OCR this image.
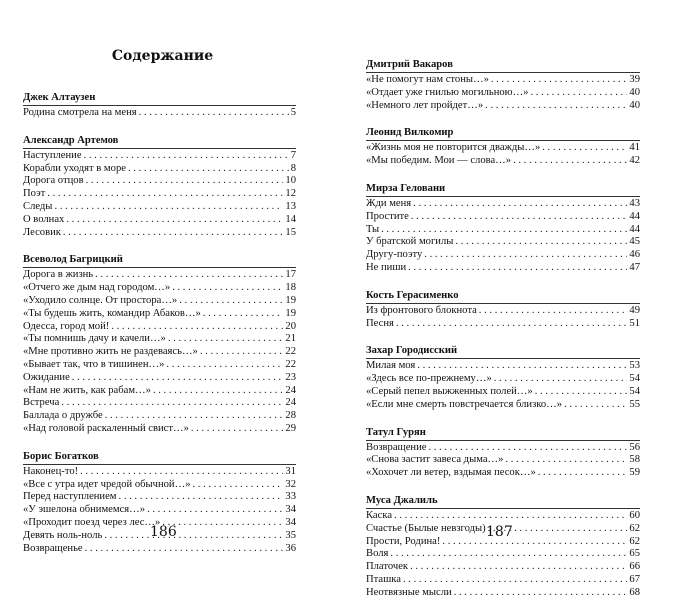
Содержание
Джек Алтаузен
Родина смотрела на меня . . .	5
Александр Артемов
Наступление . . .	7
Корабли уходят в море . . .	8
Дорога отцов . . .	10
Поэт . . .	12
Следы . . .	13
О волнах . . .	14
Лесовик . . .	15
Всеволод Багрицкий
Дорога в жизнь . . .	17
«Отчего же дым над городом…» . . .	18
«Уходило солнце. От простора…» . . .	19
«Ты будешь жить, командир Абаков…» . . .	19
Одесса, город мой! . . .	20
«Ты помнишь дачу и качели…» . . .	21
«Мне противно жить не раздеваясь…» . . .	22
«Бывает так, что в тишинен…» . . .	22
Ожидание . . .	23
«Нам не жить, как рабам…» . . .	24
Встреча . . .	24
Баллада о дружбе . . .	28
«Над головой раскаленный свист…» . . .	29
Борис Богатков
Наконец-то! . . .	31
«Все с утра идет чредой обычной…» . . .	32
Перед наступлением . . .	33
«У эшелона обнимемся…» . . .	34
«Проходит поезд через лес…» . . .	34
Девять ноль-ноль . . .	35
Возвращенье . . .	36
186
Дмитрий Вакаров
«Не помогут нам стоны…» . . .	39
«Отдает уже гнилью могильною…» . . .	40
«Немного лет пройдет…» . . .	40
Леонид Вилкомир
«Жизнь моя не повторится дважды…» . . .	41
«Мы победим. Мои — слова…» . . .	42
Мирза Геловани
Жди меня . . .	43
Простите . . .	44
Ты . . .	44
У братской могилы . . .	45
Другу-поэту . . .	46
Не пиши . . .	47
Кость Герасименко
Из фронтового блокнота . . .	49
Песня . . .	51
Захар Городисский
Милая моя . . .	53
«Здесь все по-прежнему…» . . .	54
«Серый пепел выжженных полей…» . . .	54
«Если мне смерть повстречается близко…» . . .	55
Татул Гурян
Возвращение . . .	56
«Снова застит завеса дыма…» . . .	58
«Хохочет ли ветер, вздымая песок…» . . .	59
Муса Джалиль
Каска . . .	60
Счастье (Былые невзгоды) . . .	62
Прости, Родина! . . .	62
Воля . . .	65
Платочек . . .	66
Пташка . . .	67
Неотвязные мысли . . .	68
187
